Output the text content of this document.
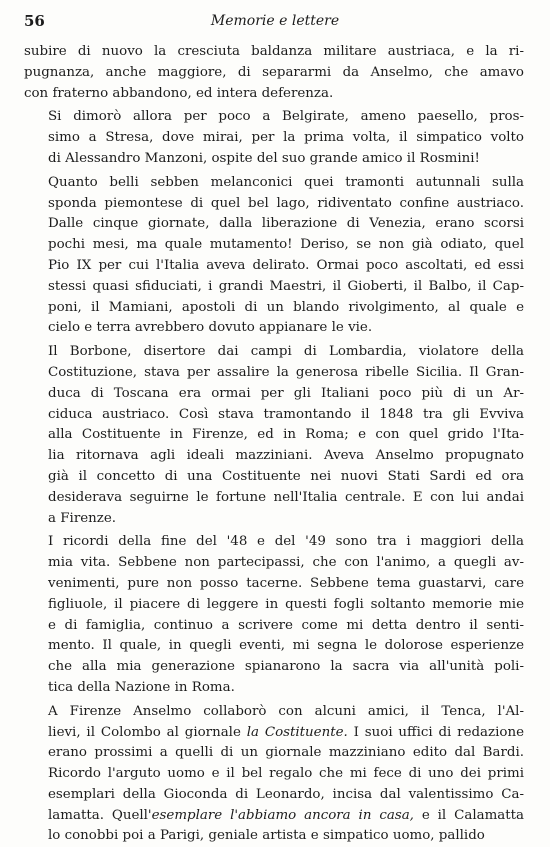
56	Memorie e lettere

subire di nuovo la cresciuta baldanza militare austriaca, e la ri-
pugnanza, anche maggiore, di separarmi da Anselmo, che amavo
con fraterno abbandono, ed intera deferenza.

Si dimorò allora per poco a Belgirate, ameno paesello, pros-
simo a Stresa, dove mirai, per la prima volta, il simpatico volto
di Alessandro Manzoni, ospite del suo grande amico il Rosmini!

Quanto belli sebben melanconici quei tramonti autunnali sulla
sponda piemontese di quel bel lago, ridiventato confine austriaco.
Dalle cinque giornate, dalla liberazione di Venezia, erano scorsi
pochi mesi, ma quale mutamento! Deriso, se non già odiato, quel
Pio IX per cui l'Italia aveva delirato. Ormai poco ascoltati, ed essi
stessi quasi sfiduciati, i grandi Maestri, il Gioberti, il Balbo, il Cap-
poni, il Mamiani, apostoli di un blando rivolgimento, al quale e
cielo e terra avrebbero dovuto appianare le vie.

Il Borbone, disertore dai campi di Lombardia, violatore della
Costituzione, stava per assalire la generosa ribelle Sicilia. Il Gran-
duca di Toscana era ormai per gli Italiani poco più di un Ar-
ciduca austriaco. Così stava tramontando il 1848 tra gli Evviva
alla Costituente in Firenze, ed in Roma; e con quel grido l'Ita-
lia ritornava agli ideali mazziniani. Aveva Anselmo propugnato
già il concetto di una Costituente nei nuovi Stati Sardi ed ora
desiderava seguirne le fortune nell'Italia centrale. E con lui andai
a Firenze.

I ricordi della fine del '48 e del '49 sono tra i maggiori della
mia vita. Sebbene non partecipassi, che con l'animo, a quegli av-
venimenti, pure non posso tacerne. Sebbene tema guastarvi, care
figliuole, il piacere di leggere in questi fogli soltanto memorie mie
e di famiglia, continuo a scrivere come mi detta dentro il senti-
mento. Il quale, in quegli eventi, mi segna le dolorose esperienze
che alla mia generazione spianarono la sacra via all'unità poli-
tica della Nazione in Roma.

A Firenze Anselmo collaborò con alcuni amici, il Tenca, l'Al-
lievi, il Colombo al giornale la Costituente. I suoi uffici di redazione
erano prossimi a quelli di un giornale mazziniano edito dal Bardi.
Ricordo l'arguto uomo e il bel regalo che mi fece di uno dei primi
esemplari della Gioconda di Leonardo, incisa dal valentissimo Ca-
lamatta. Quell'esemplare l'abbiamo ancora in casa, e il Calamatta
lo conobbi poi a Parigi, geniale artista e simpatico uomo, pallido
